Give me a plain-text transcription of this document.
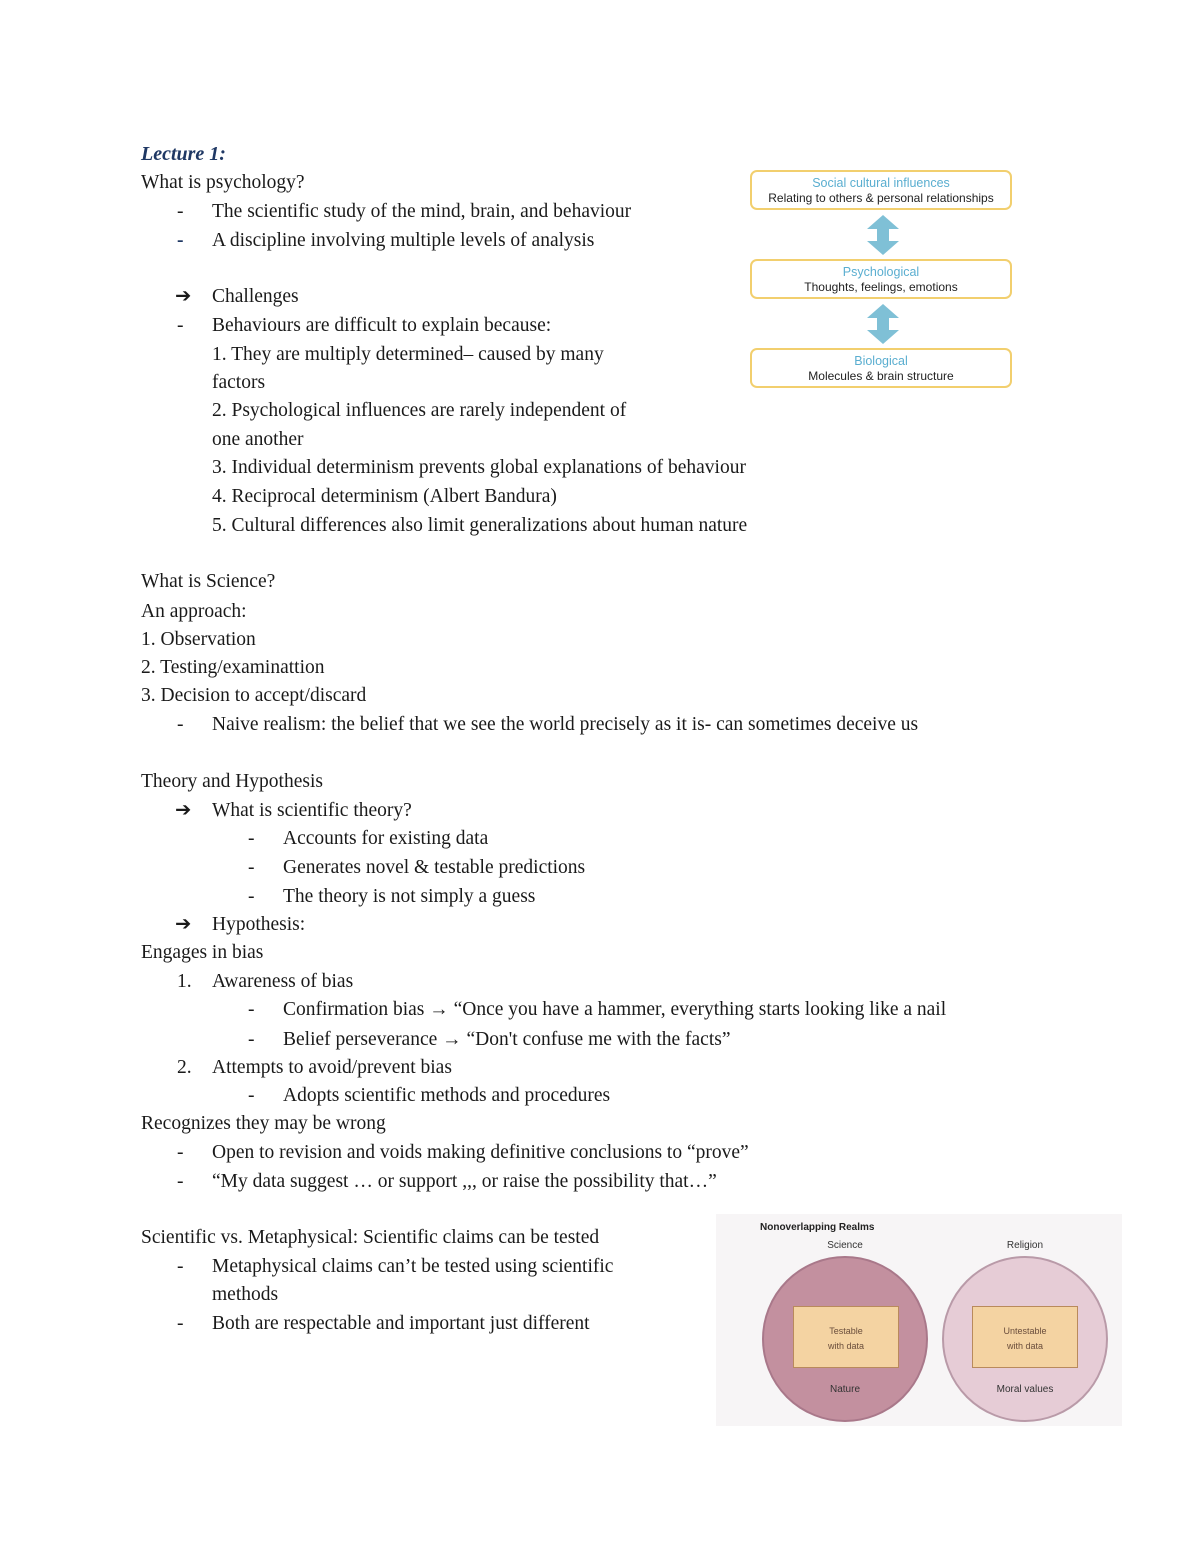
Lecture 1:
What is psychology?
- The scientific study of the mind, brain, and behaviour
- A discipline involving multiple levels of analysis
➔ Challenges
- Behaviours are difficult to explain because:
1. They are multiply determined– caused by many
factors
2. Psychological influences are rarely independent of
one another
3. Individual determinism prevents global explanations of behaviour
4. Reciprocal determinism (Albert Bandura)
5. Cultural differences also limit generalizations about human nature
Social cultural influences
Relating to others & personal relationships
Psychological
Thoughts, feelings, emotions
Biological
Molecules & brain structure
What is Science?
An approach:
1. Observation
2. Testing/examinattion
3. Decision to accept/discard
- Naive realism: the belief that we see the world precisely as it is- can sometimes deceive us
Theory and Hypothesis
➔ What is scientific theory?
- Accounts for existing data
- Generates novel & testable predictions
- The theory is not simply a guess
➔ Hypothesis:
Engages in bias
1. Awareness of bias
- Confirmation bias → “Once you have a hammer, everything starts looking like a nail
- Belief perseverance → “Don't confuse me with the facts”
2. Attempts to avoid/prevent bias
- Adopts scientific methods and procedures
Recognizes they may be wrong
- Open to revision and voids making definitive conclusions to “prove”
- “My data suggest … or support ,,, or raise the possibility that…”
Scientific vs. Metaphysical: Scientific claims can be tested
- Metaphysical claims can’t be tested using scientific
methods
- Both are respectable and important just different
Nonoverlapping Realms
Science	Religion
Testable
with data
Untestable
with data
Nature	Moral values
